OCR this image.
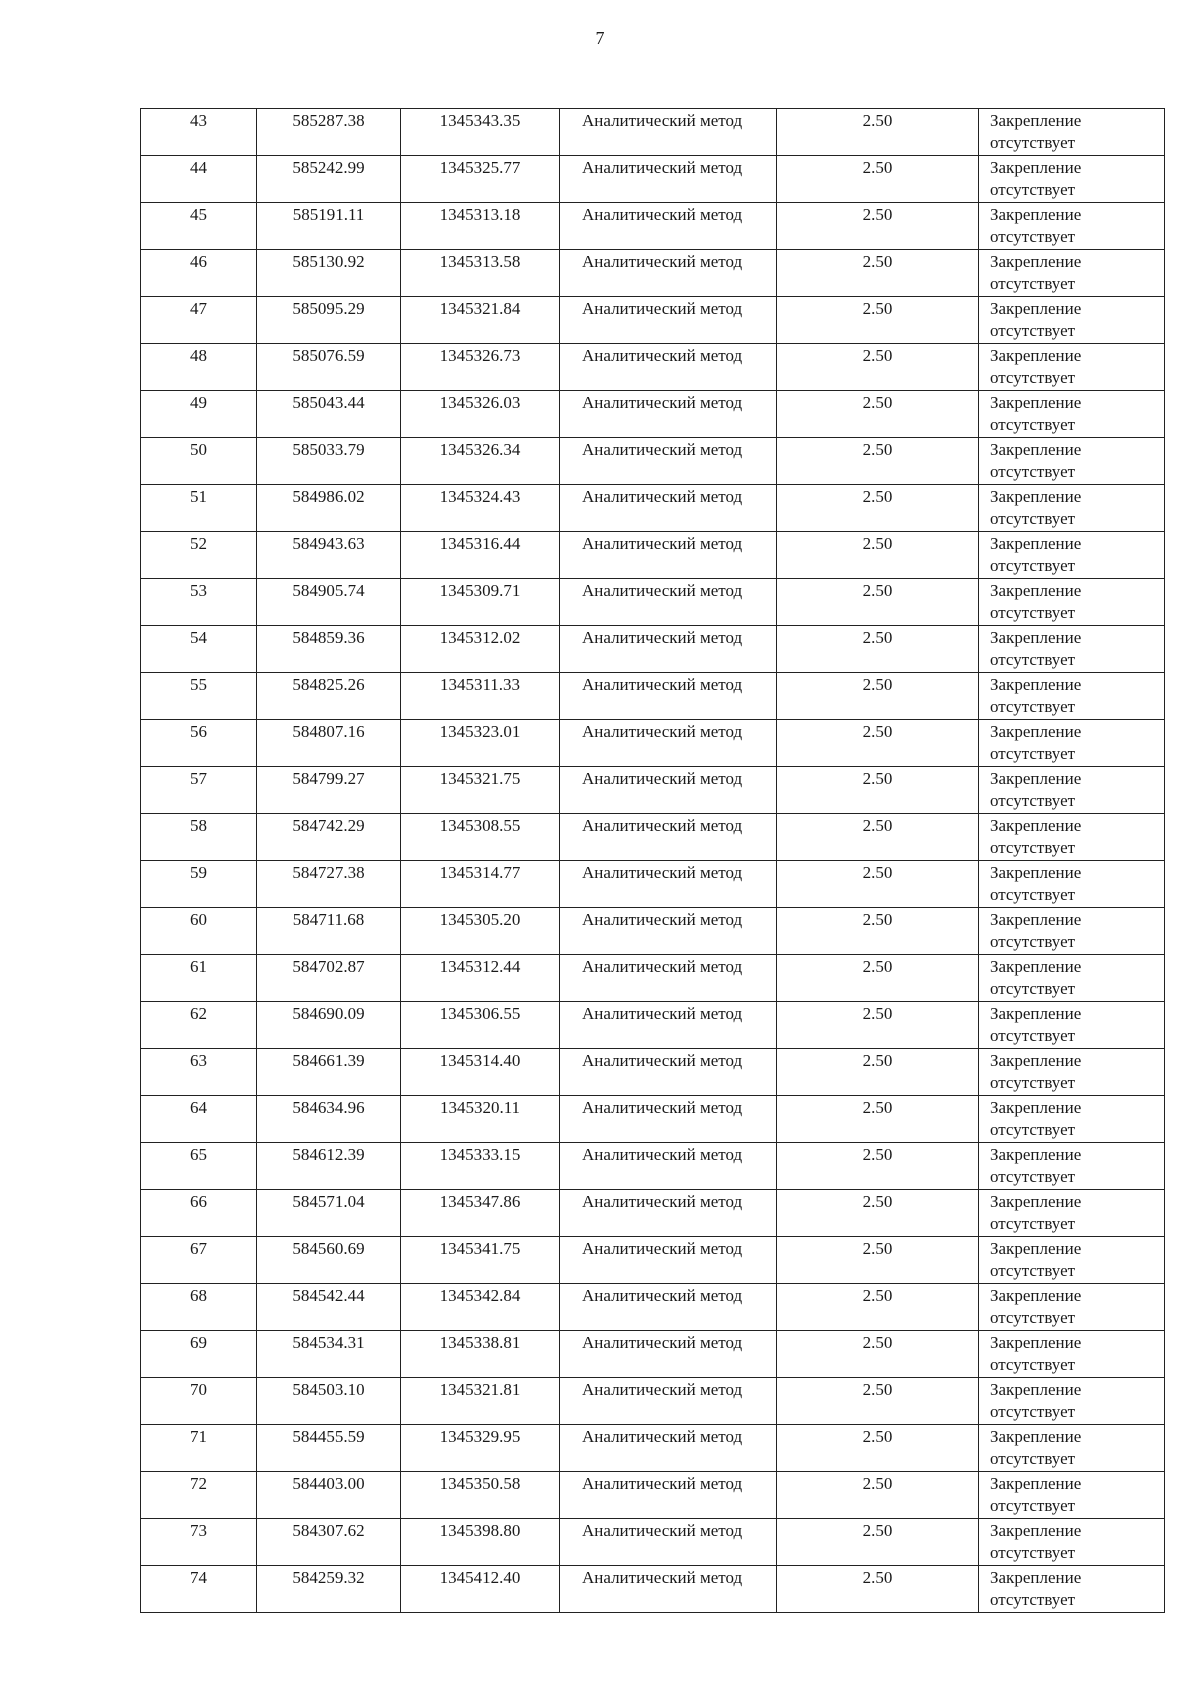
7
43	585287.38	1345343.35	Аналитический метод	2.50	Закрепление
отсутствует

44	585242.99	1345325.77	Аналитический метод	2.50	Закрепление
отсутствует

45	585191.11	1345313.18	Аналитический метод	2.50	Закрепление
отсутствует

46	585130.92	1345313.58	Аналитический метод	2.50	Закрепление
отсутствует

47	585095.29	1345321.84	Аналитический метод	2.50	Закрепление
отсутствует

48	585076.59	1345326.73	Аналитический метод	2.50	Закрепление
отсутствует

49	585043.44	1345326.03	Аналитический метод	2.50	Закрепление
отсутствует

50	585033.79	1345326.34	Аналитический метод	2.50	Закрепление
отсутствует

51	584986.02	1345324.43	Аналитический метод	2.50	Закрепление
отсутствует

52	584943.63	1345316.44	Аналитический метод	2.50	Закрепление
отсутствует

53	584905.74	1345309.71	Аналитический метод	2.50	Закрепление
отсутствует

54	584859.36	1345312.02	Аналитический метод	2.50	Закрепление
отсутствует

55	584825.26	1345311.33	Аналитический метод	2.50	Закрепление
отсутствует

56	584807.16	1345323.01	Аналитический метод	2.50	Закрепление
отсутствует

57	584799.27	1345321.75	Аналитический метод	2.50	Закрепление
отсутствует

58	584742.29	1345308.55	Аналитический метод	2.50	Закрепление
отсутствует

59	584727.38	1345314.77	Аналитический метод	2.50	Закрепление
отсутствует

60	584711.68	1345305.20	Аналитический метод	2.50	Закрепление
отсутствует

61	584702.87	1345312.44	Аналитический метод	2.50	Закрепление
отсутствует

62	584690.09	1345306.55	Аналитический метод	2.50	Закрепление
отсутствует

63	584661.39	1345314.40	Аналитический метод	2.50	Закрепление
отсутствует

64	584634.96	1345320.11	Аналитический метод	2.50	Закрепление
отсутствует

65	584612.39	1345333.15	Аналитический метод	2.50	Закрепление
отсутствует

66	584571.04	1345347.86	Аналитический метод	2.50	Закрепление
отсутствует

67	584560.69	1345341.75	Аналитический метод	2.50	Закрепление
отсутствует

68	584542.44	1345342.84	Аналитический метод	2.50	Закрепление
отсутствует

69	584534.31	1345338.81	Аналитический метод	2.50	Закрепление
отсутствует

70	584503.10	1345321.81	Аналитический метод	2.50	Закрепление
отсутствует

71	584455.59	1345329.95	Аналитический метод	2.50	Закрепление
отсутствует

72	584403.00	1345350.58	Аналитический метод	2.50	Закрепление
отсутствует

73	584307.62	1345398.80	Аналитический метод	2.50	Закрепление
отсутствует

74	584259.32	1345412.40	Аналитический метод	2.50	Закрепление
отсутствует
